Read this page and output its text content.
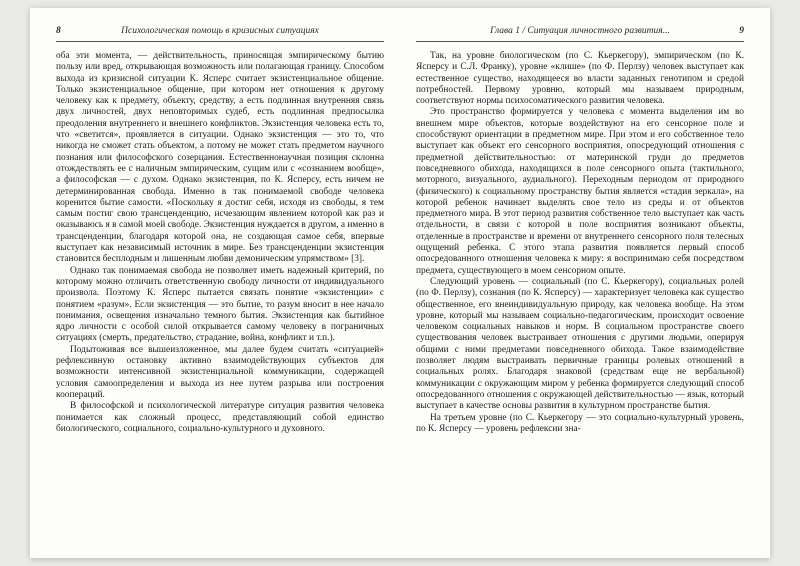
8	Психологическая помощь в кризисных ситуациях

оба эти момента, — действительность, приносящая эмпирическому бытию пользу или вред, открывающая возможность или полагающая границу. Способом выхода из кризисной ситуации К. Ясперс считает экзистенциальное общение. Только экзистенциальное общение, при котором нет отношения к другому человеку как к предмету, объекту, средству, а есть подлинная внутренняя связь двух личностей, двух неповторимых судеб, есть подлинная предпосылка преодоления внутреннего и внешнего конфликтов. Экзистенция человека есть то, что «светится», проявляется в ситуации. Однако экзистенция — это то, что никогда не сможет стать объектом, а потому не может стать предметом научного познания или философского созерцания. Естественнонаучная позиция склонна отождествлять ее с наличным эмпирическим, сущим или с «сознанием вообще», а философская — с духом. Однако экзистенция, по К. Ясперсу, есть ничем не детерминированная свобода. Именно в так понимаемой свободе человека коренится бытие самости. «Поскольку я достиг себя, исходя из свободы, я тем самым постиг свою трансценденцию, исчезающим явлением которой как раз и оказываюсь я в самой моей свободе. Экзистенция нуждается в другом, а именно в трансценденции, благодаря которой она, не создающая самое себя, впервые выступает как независимый источник в мире. Без трансценденции экзистенция становится бесплодным и лишенным любви демоническим упрямством» [3].

Однако так понимаемая свобода не позволяет иметь надежный критерий, по которому можно отличить ответственную свободу личности от индивидуального произвола. Поэтому К. Ясперс пытается связать понятие «экзистенции» с понятием «разум». Если экзистенция — это бытие, то разум вносит в нее начало понимания, освещения изначально темного бытия. Экзистенция как бытийное ядро личности с особой силой открывается самому человеку в пограничных ситуациях (смерть, предательство, страдание, война, конфликт и т.п.).

Подытоживая все вышеизложенное, мы далее будем считать «ситуацией» рефлексивную остановку активно взаимодействующих субъектов для возможности интенсивной экзистенциальной коммуникации, содержащей условия самоопределения и выхода из нее путем разрыва или построения коопераций.

В философской и психологической литературе ситуация развития человека понимается как сложный процесс, представляющий собой единство биологического, социального, социально-культурного и духовного.

Глава 1 / Ситуация личностного развития...	9

Так, на уровне биологическом (по С. Кьеркегору), эмпирическом (по К. Ясперсу и С.Л. Франку), уровне «клише» (по Ф. Перлзу) человек выступает как естественное существо, находящееся во власти заданных генотипом и средой потребностей. Первому уровню, который мы называем природным, соответствуют нормы психосоматического развития человека.

Это пространство формируется у человека с момента выделения им во внешнем мире объектов, которые воздействуют на его сенсорное поле и способствуют ориентации в предметном мире. При этом и его собственное тело выступает как объект его сенсорного восприятия, опосредующий отношения с предметной действительностью: от материнской груди до предметов повседневного обихода, находящихся в поле сенсорного опыта (тактильного, моторного, визуального, аудиального). Переходным периодом от природного (физического) к социальному пространству бытия является «стадия зеркала», на которой ребенок начинает выделять свое тело из среды и от объектов предметного мира. В этот период развития собственное тело выступает как часть отдельности, в связи с которой в поле восприятия возникают объекты, отделенные в пространстве и времени от внутреннего сенсорного поля телесных ощущений ребенка. С этого этапа развития появляется первый способ опосредованного отношения человека к миру: я воспринимаю себя посредством предмета, существующего в моем сенсорном опыте.

Следующий уровень — социальный (по С. Кьеркегору), социальных ролей (по Ф. Перлзу), сознания (по К. Ясперсу) — характеризует человека как существо общественное, его внеиндивидуальную природу, как человека вообще. На этом уровне, который мы называем социально-педагогическим, происходит освоение человеком социальных навыков и норм. В социальном пространстве своего существования человек выстраивает отношения с другими людьми, оперируя общими с ними предметами повседневного обихода. Такое взаимодействие позволяет людям выстраивать первичные границы ролевых отношений в социальных ролях. Благодаря знаковой (средствам еще не вербальной) коммуникации с окружающим миром у ребенка формируется следующий способ опосредованного отношения с окружающей действительностью — язык, который выступает в качестве основы развития в культурном пространстве бытия.

На третьем уровне (по С. Кьеркегору — это социально-культурный уровень, по К. Ясперсу — уровень рефлексии зна-
